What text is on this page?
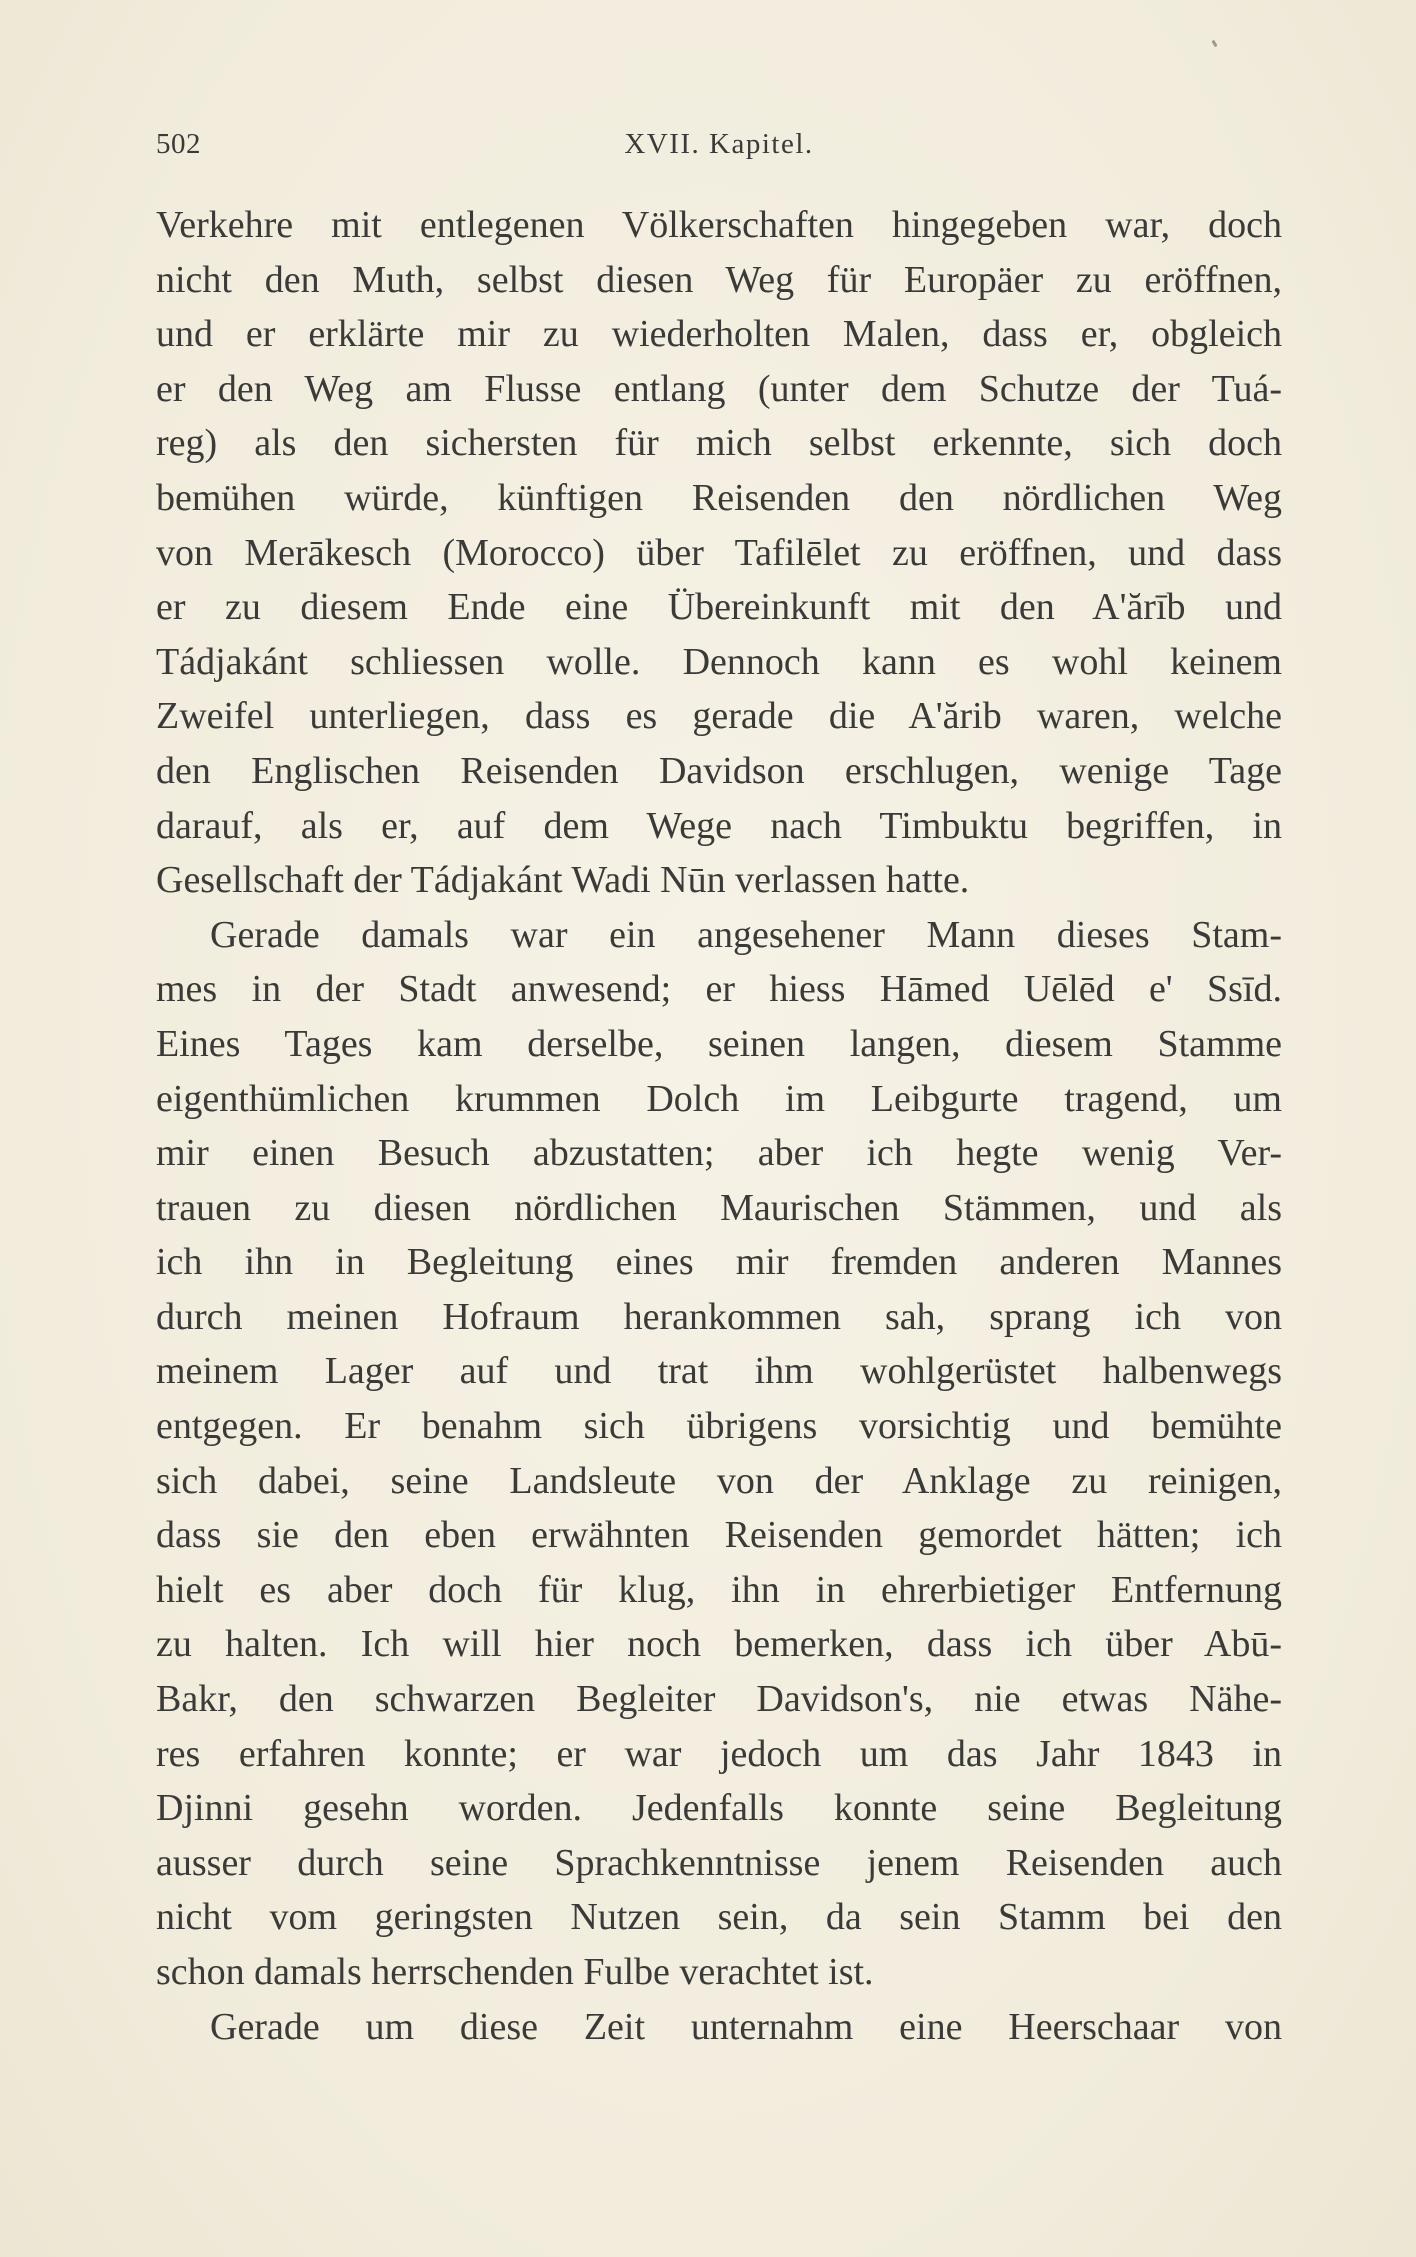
502	XVII. Kapitel.
Verkehre mit entlegenen Völkerschaften hingegeben war, doch
nicht den Muth, selbst diesen Weg für Europäer zu eröffnen,
und er erklärte mir zu wiederholten Malen, dass er, obgleich
er den Weg am Flusse entlang (unter dem Schutze der Tuá-
reg) als den sichersten für mich selbst erkennte, sich doch
bemühen würde, künftigen Reisenden den nördlichen Weg
von Merākesch (Morocco) über Tafilēlet zu eröffnen, und dass
er zu diesem Ende eine Übereinkunft mit den A'ărīb und
Tádjakánt schliessen wolle. Dennoch kann es wohl keinem
Zweifel unterliegen, dass es gerade die A'ărib waren, welche
den Englischen Reisenden Davidson erschlugen, wenige Tage
darauf, als er, auf dem Wege nach Timbuktu begriffen, in
Gesellschaft der Tádjakánt Wadi Nūn verlassen hatte.
Gerade damals war ein angesehener Mann dieses Stam-
mes in der Stadt anwesend; er hiess Hāmed Uēlēd e' Ssīd.
Eines Tages kam derselbe, seinen langen, diesem Stamme
eigenthümlichen krummen Dolch im Leibgurte tragend, um
mir einen Besuch abzustatten; aber ich hegte wenig Ver-
trauen zu diesen nördlichen Maurischen Stämmen, und als
ich ihn in Begleitung eines mir fremden anderen Mannes
durch meinen Hofraum herankommen sah, sprang ich von
meinem Lager auf und trat ihm wohlgerüstet halbenwegs
entgegen. Er benahm sich übrigens vorsichtig und bemühte
sich dabei, seine Landsleute von der Anklage zu reinigen,
dass sie den eben erwähnten Reisenden gemordet hätten; ich
hielt es aber doch für klug, ihn in ehrerbietiger Entfernung
zu halten. Ich will hier noch bemerken, dass ich über Abū-
Bakr, den schwarzen Begleiter Davidson's, nie etwas Nähe-
res erfahren konnte; er war jedoch um das Jahr 1843 in
Djinni gesehn worden. Jedenfalls konnte seine Begleitung
ausser durch seine Sprachkenntnisse jenem Reisenden auch
nicht vom geringsten Nutzen sein, da sein Stamm bei den
schon damals herrschenden Fulbe verachtet ist.
Gerade um diese Zeit unternahm eine Heerschaar von
